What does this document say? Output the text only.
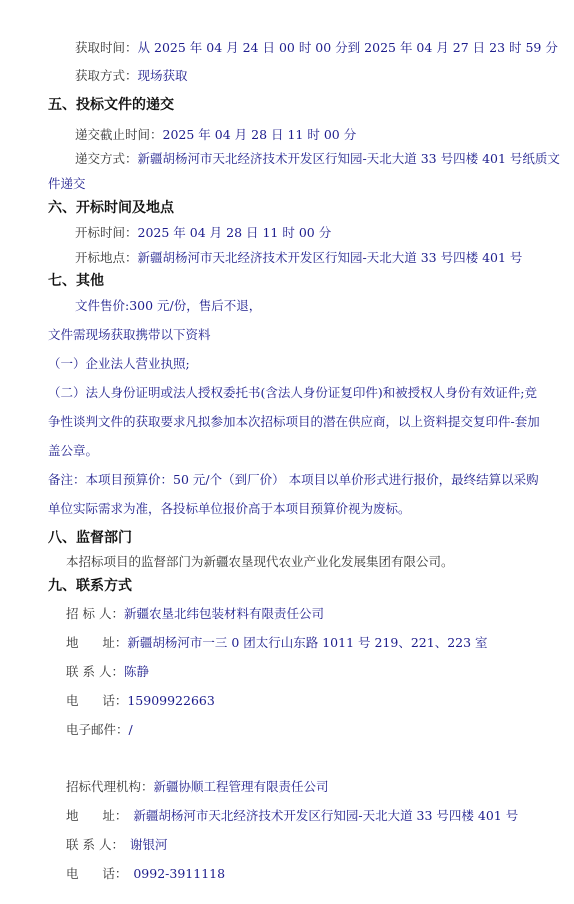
获取时间：从 2025 年 04 月 24 日 00 时 00 分到 2025 年 04 月 27 日 23 时 59 分
获取方式：现场获取
五、投标文件的递交
递交截止时间：2025 年 04 月 28 日 11 时 00 分
递交方式：新疆胡杨河市天北经济技术开发区行知园-天北大道 33 号四楼 401 号纸质文
件递交
六、开标时间及地点
开标时间：2025 年 04 月 28 日 11 时 00 分
开标地点：新疆胡杨河市天北经济技术开发区行知园-天北大道 33 号四楼 401 号
七、其他
文件售价:300 元/份，售后不退，
文件需现场获取携带以下资料
（一）企业法人营业执照;
（二）法人身份证明或法人授权委托书(含法人身份证复印件)和被授权人身份有效证件;竞
争性谈判文件的获取要求凡拟参加本次招标项目的潜在供应商，以上资料提交复印件-套加
盖公章。
备注：本项目预算价：50 元/个（到厂价） 本项目以单价形式进行报价，最终结算以采购
单位实际需求为准，各投标单位报价高于本项目预算价视为废标。
八、监督部门
本招标项目的监督部门为新疆农垦现代农业产业化发展集团有限公司。
九、联系方式
招 标 人：新疆农垦北纬包装材料有限责任公司
地      址：新疆胡杨河市一三 0 团太行山东路 1011 号 219、221、223 室
联 系 人：陈静
电      话：15909922663
电子邮件：/
招标代理机构：新疆协顺工程管理有限责任公司
地      址： 新疆胡杨河市天北经济技术开发区行知园-天北大道 33 号四楼 401 号
联 系 人： 谢银河
电      话： 0992-3911118
